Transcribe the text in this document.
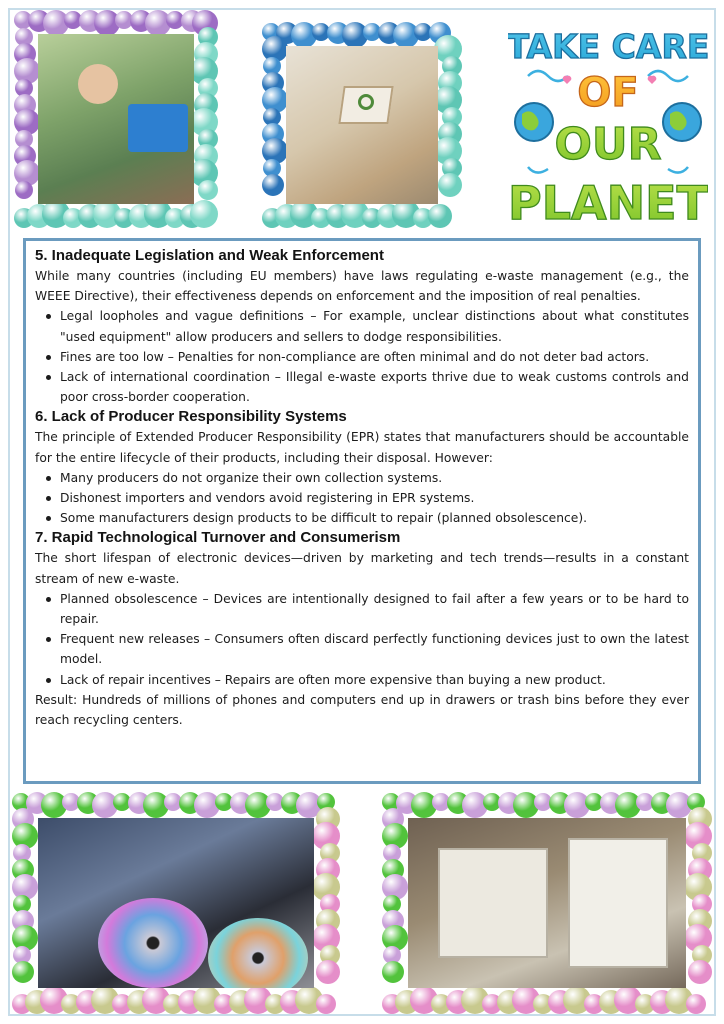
TAKE CARE
OF
OUR
PLANET
5. Inadequate Legislation and Weak Enforcement

While many countries (including EU members) have laws regulating e-waste management (e.g., the WEEE Directive), their effectiveness depends on enforcement and the imposition of real penalties.

Legal loopholes and vague definitions – For example, unclear distinctions about what constitutes "used equipment" allow producers and sellers to dodge responsibilities.
Fines are too low – Penalties for non-compliance are often minimal and do not deter bad actors.
Lack of international coordination – Illegal e-waste exports thrive due to weak customs controls and poor cross-border cooperation.
6. Lack of Producer Responsibility Systems

The principle of Extended Producer Responsibility (EPR) states that manufacturers should be accountable for the entire lifecycle of their products, including their disposal. However:

Many producers do not organize their own collection systems.
Dishonest importers and vendors avoid registering in EPR systems.
Some manufacturers design products to be difficult to repair (planned obsolescence).
7. Rapid Technological Turnover and Consumerism

The short lifespan of electronic devices—driven by marketing and tech trends—results in a constant stream of new e-waste.

Planned obsolescence – Devices are intentionally designed to fail after a few years or to be hard to repair.
Frequent new releases – Consumers often discard perfectly functioning devices just to own the latest model.
Lack of repair incentives – Repairs are often more expensive than buying a new product.

Result: Hundreds of millions of phones and computers end up in drawers or trash bins before they ever reach recycling centers.
